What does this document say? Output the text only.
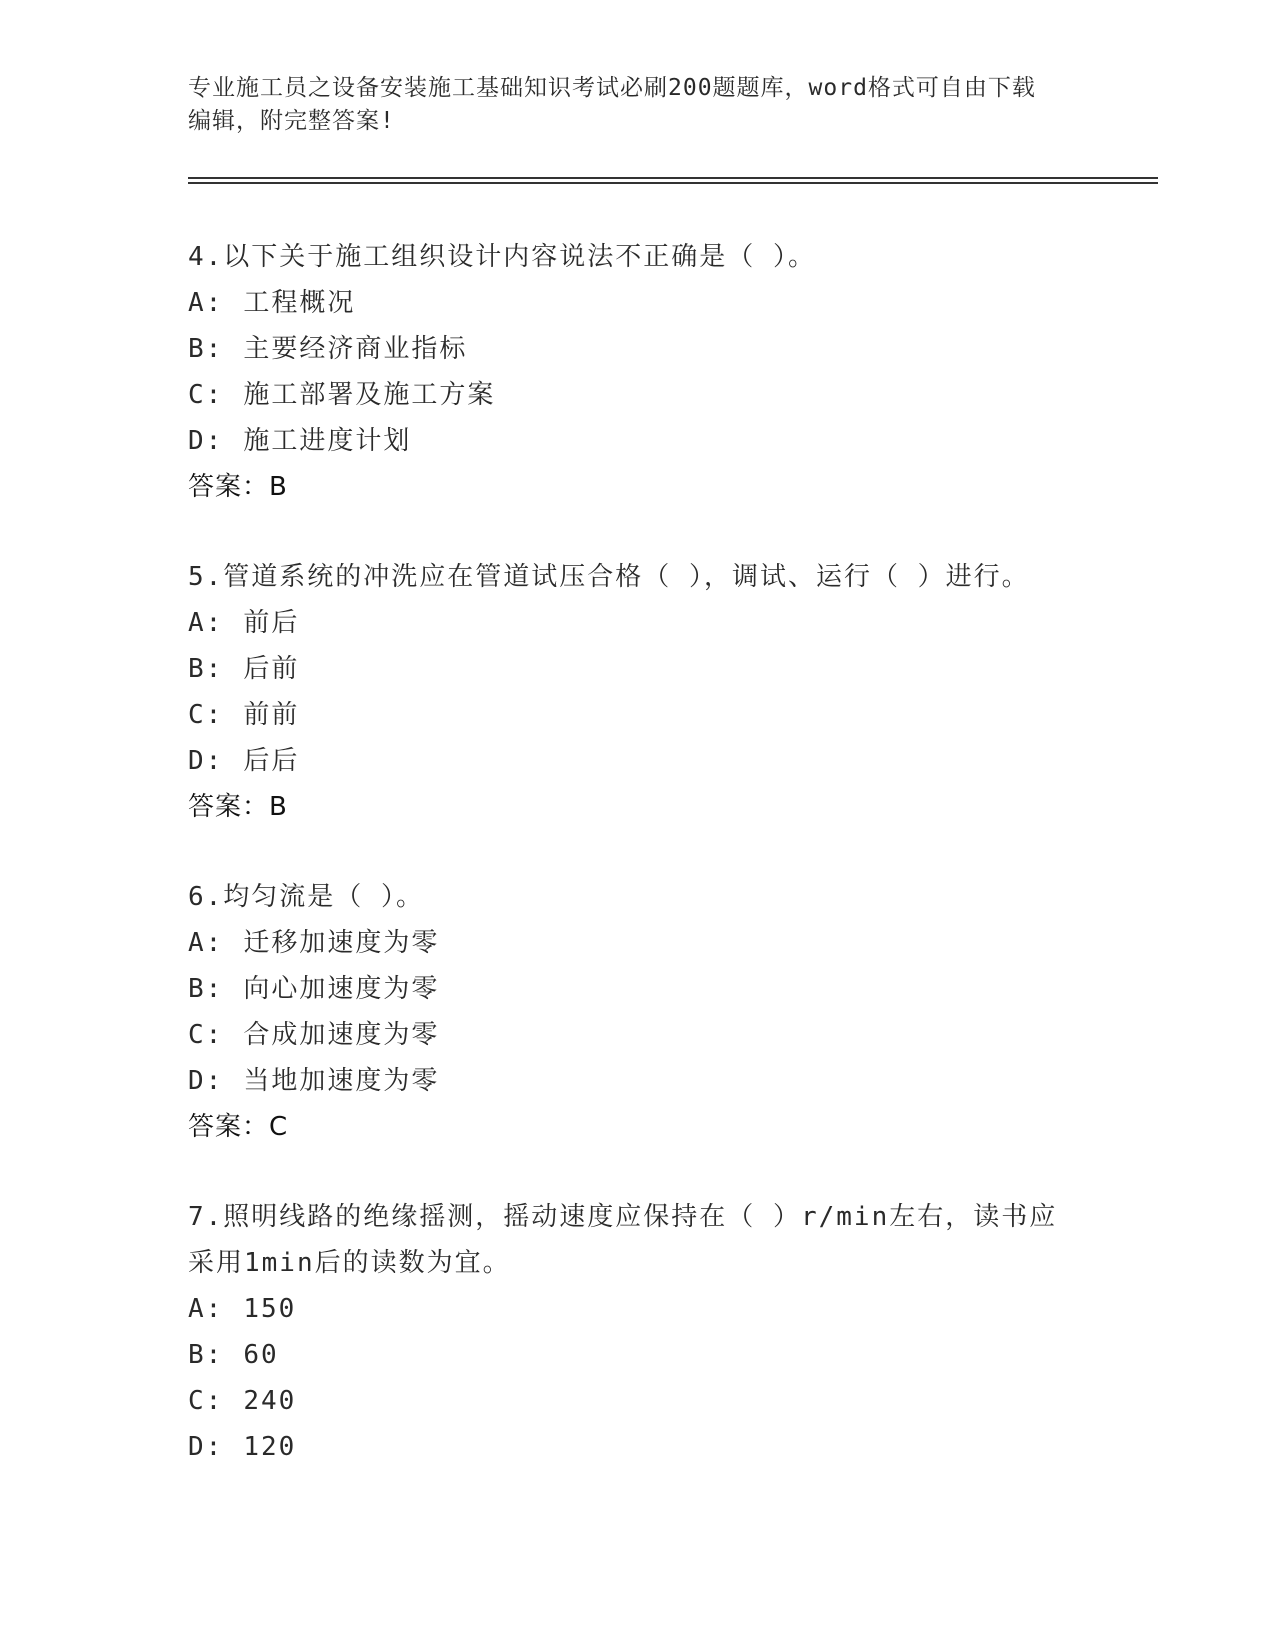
专业施工员之设备安装施工基础知识考试必刷200题题库，word格式可自由下载
编辑，附完整答案!

4.以下关于施工组织设计内容说法不正确是（ ）。

A: 工程概况

B: 主要经济商业指标

C: 施工部署及施工方案

D: 施工进度计划

答案：B

5.管道系统的冲洗应在管道试压合格（ ），调试、运行（ ）进行。

A: 前后

B: 后前

C: 前前

D: 后后

答案：B

6.均匀流是（ ）。

A: 迁移加速度为零

B: 向心加速度为零

C: 合成加速度为零

D: 当地加速度为零

答案：C

7.照明线路的绝缘摇测，摇动速度应保持在（ ）r/min左右，读书应

采用1min后的读数为宜。

A: 150

B: 60

C: 240

D: 120
